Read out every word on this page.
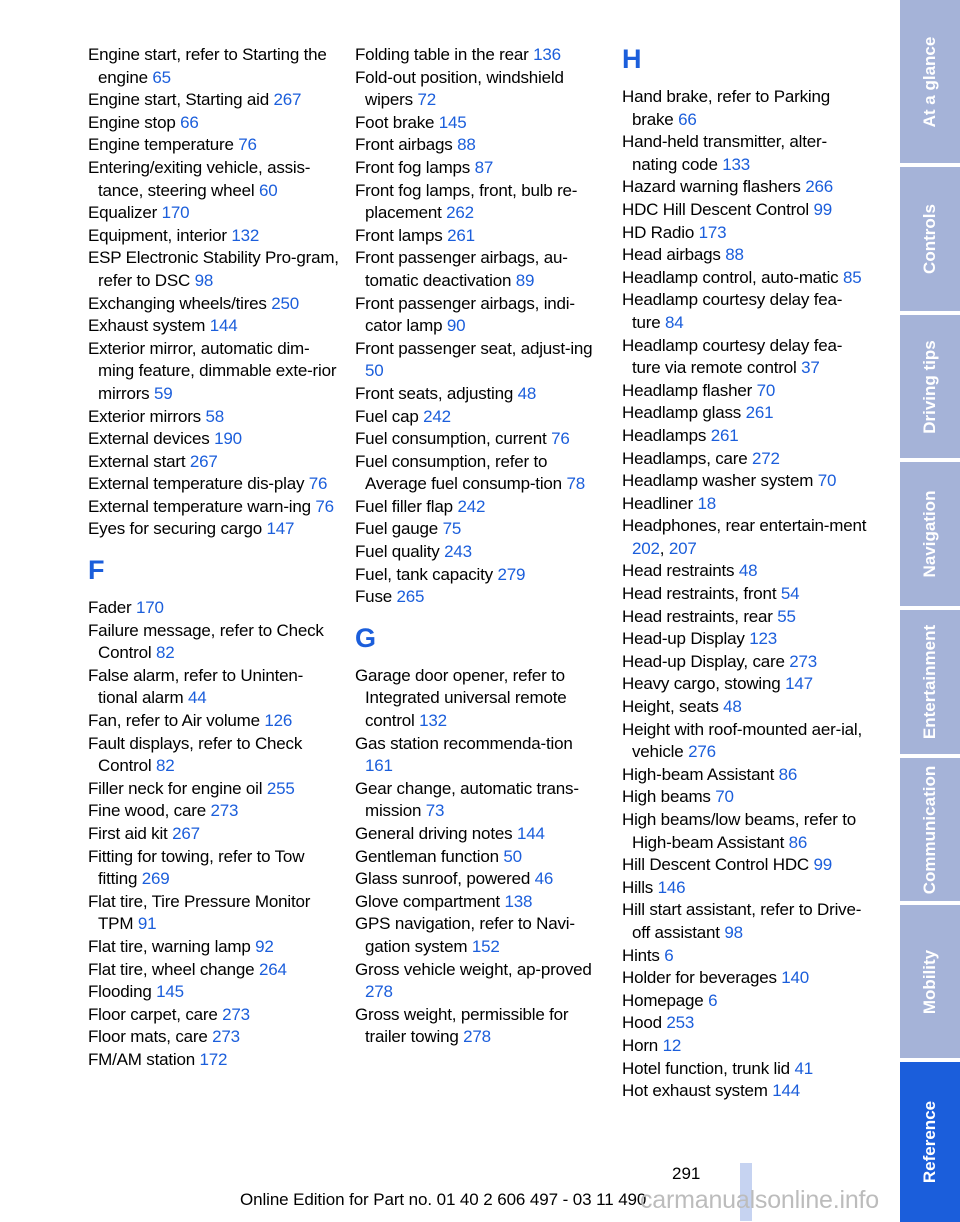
Engine start, refer to Starting the engine 65
Engine start, Starting aid 267
Engine stop 66
Engine temperature 76
Entering/exiting vehicle, assis-tance, steering wheel 60
Equalizer 170
Equipment, interior 132
ESP Electronic Stability Pro-gram, refer to DSC 98
Exchanging wheels/tires 250
Exhaust system 144
Exterior mirror, automatic dim-ming feature, dimmable exte-rior mirrors 59
Exterior mirrors 58
External devices 190
External start 267
External temperature dis-play 76
External temperature warn-ing 76
Eyes for securing cargo 147
F
Fader 170
Failure message, refer to Check Control 82
False alarm, refer to Uninten-tional alarm 44
Fan, refer to Air volume 126
Fault displays, refer to Check Control 82
Filler neck for engine oil 255
Fine wood, care 273
First aid kit 267
Fitting for towing, refer to Tow fitting 269
Flat tire, Tire Pressure Monitor TPM 91
Flat tire, warning lamp 92
Flat tire, wheel change 264
Flooding 145
Floor carpet, care 273
Floor mats, care 273
FM/AM station 172
Folding table in the rear 136
Fold-out position, windshield wipers 72
Foot brake 145
Front airbags 88
Front fog lamps 87
Front fog lamps, front, bulb re-placement 262
Front lamps 261
Front passenger airbags, au-tomatic deactivation 89
Front passenger airbags, indi-cator lamp 90
Front passenger seat, adjust-ing 50
Front seats, adjusting 48
Fuel cap 242
Fuel consumption, current 76
Fuel consumption, refer to Average fuel consump-tion 78
Fuel filler flap 242
Fuel gauge 75
Fuel quality 243
Fuel, tank capacity 279
Fuse 265
G
Garage door opener, refer to Integrated universal remote control 132
Gas station recommenda-tion 161
Gear change, automatic trans-mission 73
General driving notes 144
Gentleman function 50
Glass sunroof, powered 46
Glove compartment 138
GPS navigation, refer to Navi-gation system 152
Gross vehicle weight, ap-proved 278
Gross weight, permissible for trailer towing 278
H
Hand brake, refer to Parking brake 66
Hand-held transmitter, alter-nating code 133
Hazard warning flashers 266
HDC Hill Descent Control 99
HD Radio 173
Head airbags 88
Headlamp control, auto-matic 85
Headlamp courtesy delay fea-ture 84
Headlamp courtesy delay fea-ture via remote control 37
Headlamp flasher 70
Headlamp glass 261
Headlamps 261
Headlamps, care 272
Headlamp washer system 70
Headliner 18
Headphones, rear entertain-ment 202, 207
Head restraints 48
Head restraints, front 54
Head restraints, rear 55
Head-up Display 123
Head-up Display, care 273
Heavy cargo, stowing 147
Height, seats 48
Height with roof-mounted aer-ial, vehicle 276
High-beam Assistant 86
High beams 70
High beams/low beams, refer to High-beam Assistant 86
Hill Descent Control HDC 99
Hills 146
Hill start assistant, refer to Drive-off assistant 98
Hints 6
Holder for beverages 140
Homepage 6
Hood 253
Horn 12
Hotel function, trunk lid 41
Hot exhaust system 144
At a glance
Controls
Driving tips
Navigation
Entertainment
Communication
Mobility
Reference
291
Online Edition for Part no. 01 40 2 606 497 - 03 11 490
carmanualsonline.info
